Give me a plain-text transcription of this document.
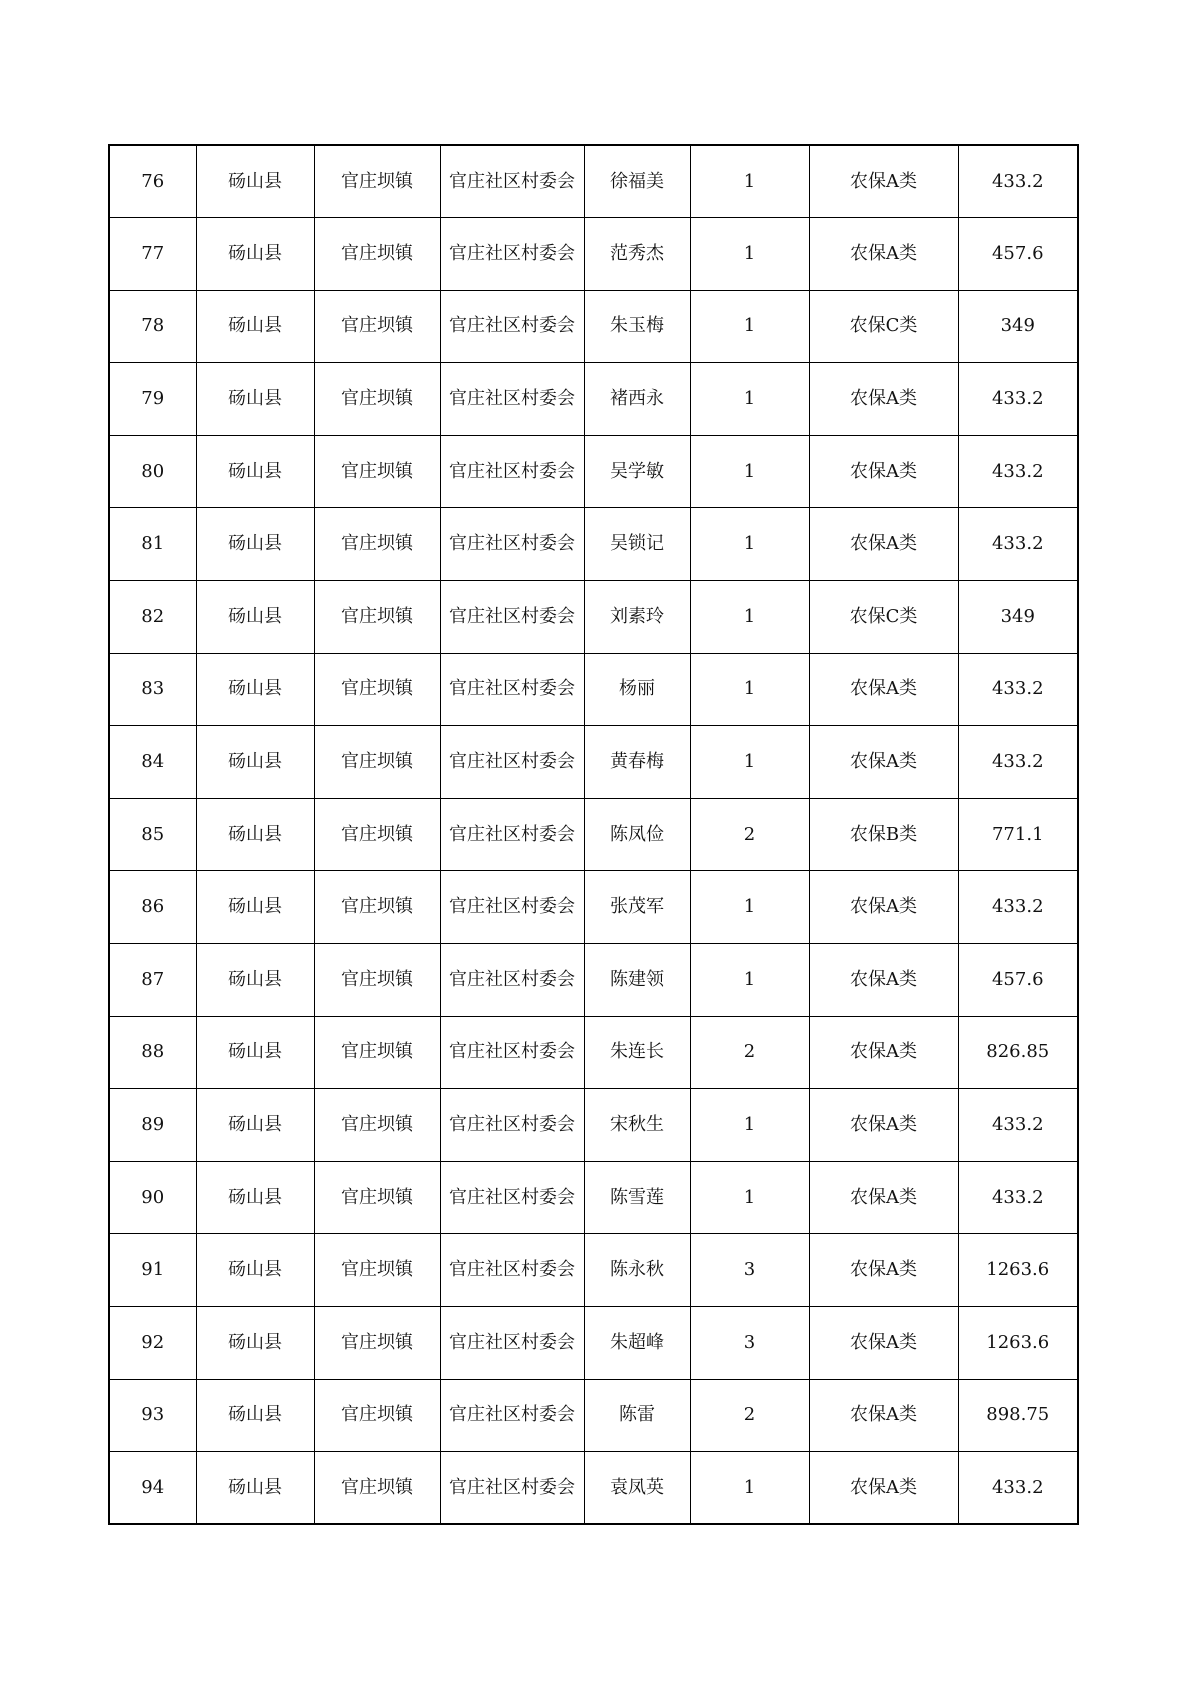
76	砀山县	官庄坝镇	官庄社区村委会	徐福美	1	农保A类	433.2
77	砀山县	官庄坝镇	官庄社区村委会	范秀杰	1	农保A类	457.6
78	砀山县	官庄坝镇	官庄社区村委会	朱玉梅	1	农保C类	349
79	砀山县	官庄坝镇	官庄社区村委会	褚西永	1	农保A类	433.2
80	砀山县	官庄坝镇	官庄社区村委会	吴学敏	1	农保A类	433.2
81	砀山县	官庄坝镇	官庄社区村委会	吴锁记	1	农保A类	433.2
82	砀山县	官庄坝镇	官庄社区村委会	刘素玲	1	农保C类	349
83	砀山县	官庄坝镇	官庄社区村委会	杨丽	1	农保A类	433.2
84	砀山县	官庄坝镇	官庄社区村委会	黄春梅	1	农保A类	433.2
85	砀山县	官庄坝镇	官庄社区村委会	陈凤俭	2	农保B类	771.1
86	砀山县	官庄坝镇	官庄社区村委会	张茂军	1	农保A类	433.2
87	砀山县	官庄坝镇	官庄社区村委会	陈建领	1	农保A类	457.6
88	砀山县	官庄坝镇	官庄社区村委会	朱连长	2	农保A类	826.85
89	砀山县	官庄坝镇	官庄社区村委会	宋秋生	1	农保A类	433.2
90	砀山县	官庄坝镇	官庄社区村委会	陈雪莲	1	农保A类	433.2
91	砀山县	官庄坝镇	官庄社区村委会	陈永秋	3	农保A类	1263.6
92	砀山县	官庄坝镇	官庄社区村委会	朱超峰	3	农保A类	1263.6
93	砀山县	官庄坝镇	官庄社区村委会	陈雷	2	农保A类	898.75
94	砀山县	官庄坝镇	官庄社区村委会	袁凤英	1	农保A类	433.2
